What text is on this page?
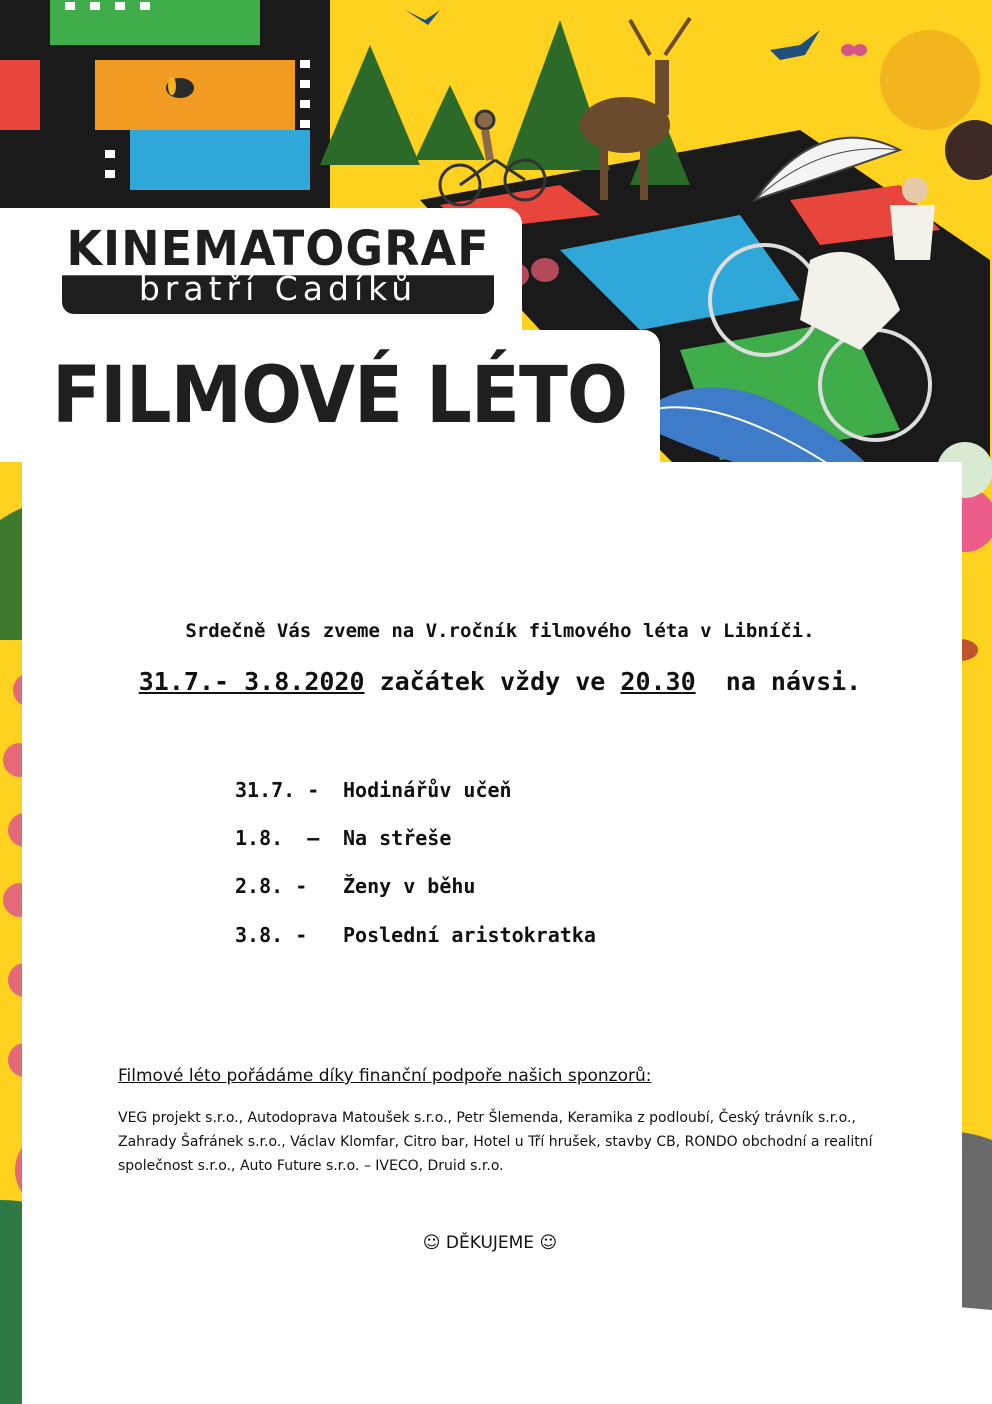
KINEMATOGRAF
bratří Čadíků
FILMOVÉ LÉTO
Srdečně Vás zveme na V.ročník filmového léta v Libníči.
31.7.- 3.8.2020 začátek vždy ve 20.30  na návsi.
31.7. - Hodinářův učeň
1.8.  – Na střeše
2.8. - Ženy v běhu
3.8. - Poslední aristokratka
Filmové léto pořádáme díky finanční podpoře našich sponzorů:
VEG projekt s.r.o., Autodoprava Matoušek s.r.o., Petr Šlemenda, Keramika z podloubí, Český trávník s.r.o., Zahrady Šafránek s.r.o., Václav Klomfar, Citro bar, Hotel u Tří hrušek, stavby CB, RONDO obchodní a realitní společnost s.r.o., Auto Future s.r.o. – IVECO, Druid s.r.o.
☺ DĚKUJEME ☺
